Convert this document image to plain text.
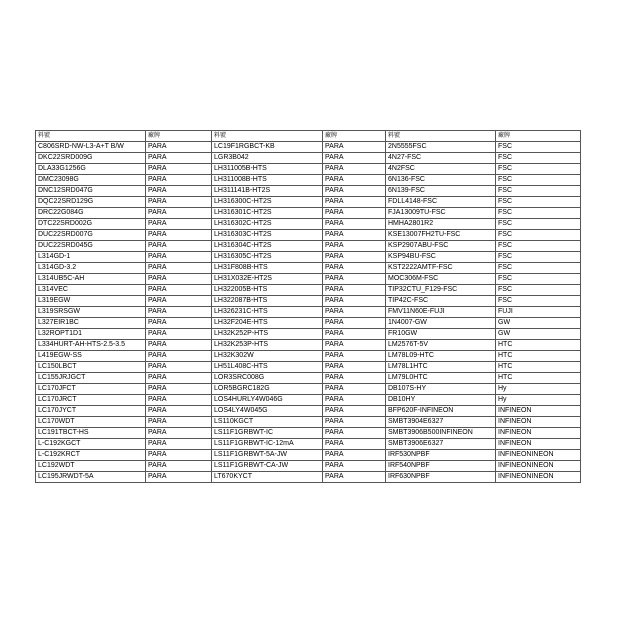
料號	廠牌	料號	廠牌	料號	廠牌
C806SRD-NW-L3-A+T B/W	PARA	LC19F1RGBCT-KB	PARA	2N5555FSC	FSC
DKC22SRD009G	PARA	LGR3B042	PARA	4N27-FSC	FSC
DLA33G1256G	PARA	LH311005B-HTS	PARA	4N2FSC	FSC
DMC23098G	PARA	LH311008B-HTS	PARA	6N136-FSC	FSC
DNC12SRD047G	PARA	LH311141B-HT2S	PARA	6N139-FSC	FSC
DQC22SRD129G	PARA	LH316300C-HT2S	PARA	FDLL4148-FSC	FSC
DRC22G084G	PARA	LH316301C-HT2S	PARA	FJA13009TU-FSC	FSC
DTC22SRD002G	PARA	LH316302C-HT2S	PARA	HMHA2801R2	FSC
DUC22SRD007G	PARA	LH316303C-HT2S	PARA	KSE13007FH2TU-FSC	FSC
DUC22SRD045G	PARA	LH316304C-HT2S	PARA	KSP2907ABU-FSC	FSC
L314GD-1	PARA	LH316305C-HT2S	PARA	KSP94BU-FSC	FSC
L314GD-3.2	PARA	LH31F808B-HTS	PARA	KST2222AMTF-FSC	FSC
L314UB5C-AH	PARA	LH31X032E-HT2S	PARA	MOC306M-FSC	FSC
L314VEC	PARA	LH322005B-HTS	PARA	TIP32CTU_F129-FSC	FSC
L319EGW	PARA	LH322087B-HTS	PARA	TIP42C-FSC	FSC
L319SRSGW	PARA	LH326231C-HTS	PARA	FMV11N60E-FUJI	FUJI
L327EIR1BC	PARA	LH32F204E-HTS	PARA	1N4007-GW	GW
L32ROPT1D1	PARA	LH32K252P-HTS	PARA	FR10GW	GW
L334HURT-AH-HTS-2.5-3.5	PARA	LH32K253P-HTS	PARA	LM2576T-5V	HTC
L419EGW-SS	PARA	LH32K302W	PARA	LM78L09-HTC	HTC
LC150LBCT	PARA	LH51L408C-HTS	PARA	LM78L1HTC	HTC
LC155JRJGCT	PARA	LOR3SRC008G	PARA	LM79L0HTC	HTC
LC170JFCT	PARA	LOR5BGRC182G	PARA	DB107S-HY	Hy
LC170JRCT	PARA	LOS4HURLY4W046G	PARA	DB10HY	Hy
LC170JYCT	PARA	LOS4LY4W045G	PARA	BFP620F-INFINEON	INFINEON
LC170WDT	PARA	LS110KGCT	PARA	SMBT3904E6327	INFINEON
LC191TBCT-HS	PARA	LS11F1GRBWT-IC	PARA	SMBT3906B500INFINEON	INFINEON
L-C192KGCT	PARA	LS11F1GRBWT-IC-12mA	PARA	SMBT3906E6327	INFINEON
L-C192KRCT	PARA	LS11F1GRBWT-5A-JW	PARA	IRF530NPBF	INFINEONINEON
LC192WDT	PARA	LS11F1GRBWT-CA-JW	PARA	IRF540NPBF	INFINEONINEON
LC195JRWDT-5A	PARA	LT670KYCT	PARA	IRF630NPBF	INFINEONINEON
